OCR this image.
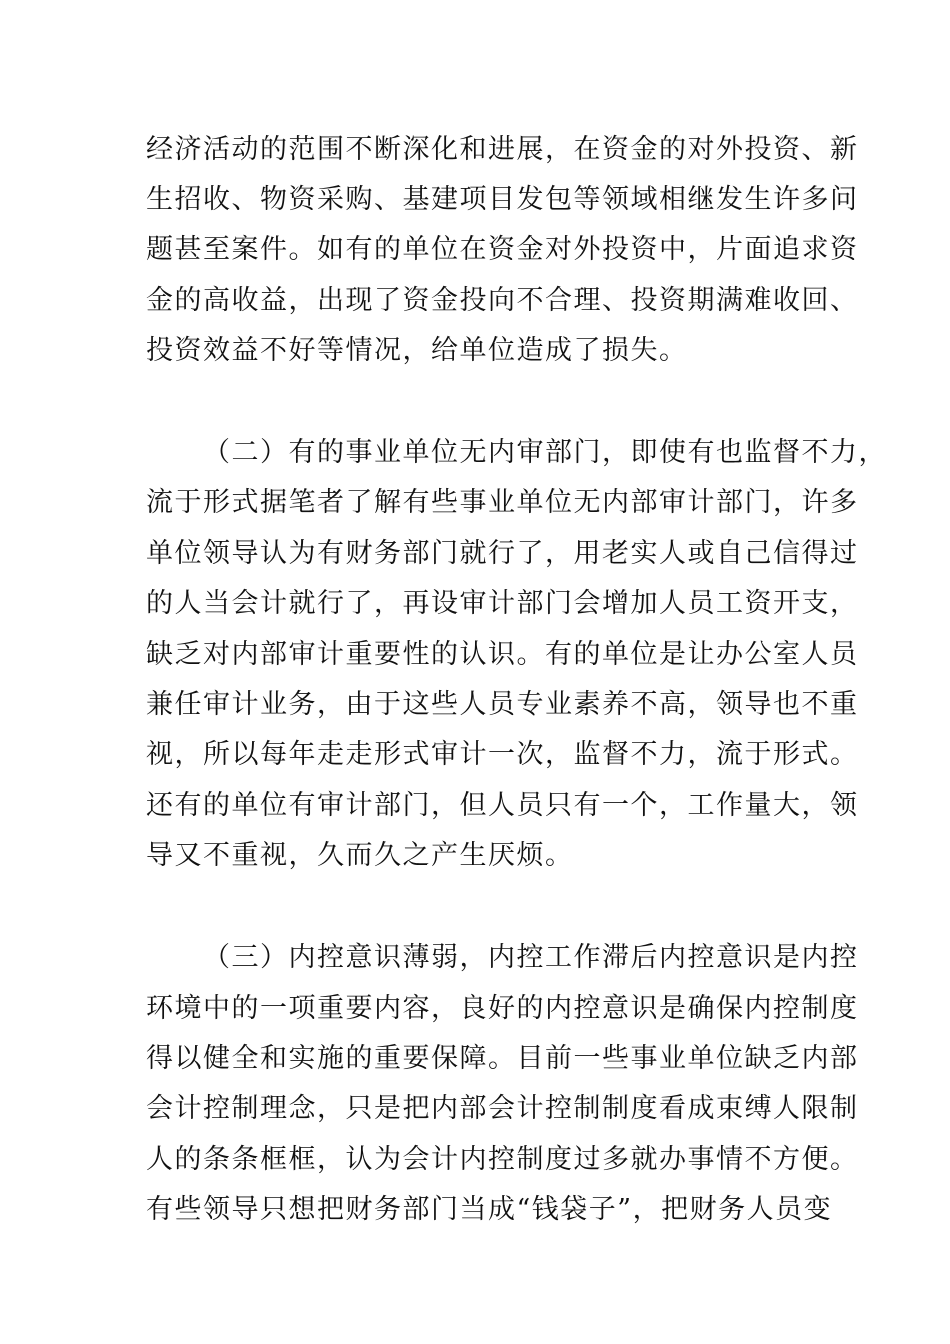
经济活动的范围不断深化和进展，在资金的对外投资、新
生招收、物资采购、基建项目发包等领域相继发生许多问
题甚至案件。如有的单位在资金对外投资中，片面追求资
金的高收益，出现了资金投向不合理、投资期满难收回、
投资效益不好等情况，给单位造成了损失。
（二）有的事业单位无内审部门，即使有也监督不力，
流于形式据笔者了解有些事业单位无内部审计部门，许多
单位领导认为有财务部门就行了，用老实人或自己信得过
的人当会计就行了，再设审计部门会增加人员工资开支，
缺乏对内部审计重要性的认识。有的单位是让办公室人员
兼任审计业务，由于这些人员专业素养不高，领导也不重
视，所以每年走走形式审计一次，监督不力，流于形式。
还有的单位有审计部门，但人员只有一个，工作量大，领
导又不重视，久而久之产生厌烦。
（三）内控意识薄弱，内控工作滞后内控意识是内控
环境中的一项重要内容，良好的内控意识是确保内控制度
得以健全和实施的重要保障。目前一些事业单位缺乏内部
会计控制理念，只是把内部会计控制制度看成束缚人限制
人的条条框框，认为会计内控制度过多就办事情不方便。
有些领导只想把财务部门当成“钱袋子”，把财务人员变
